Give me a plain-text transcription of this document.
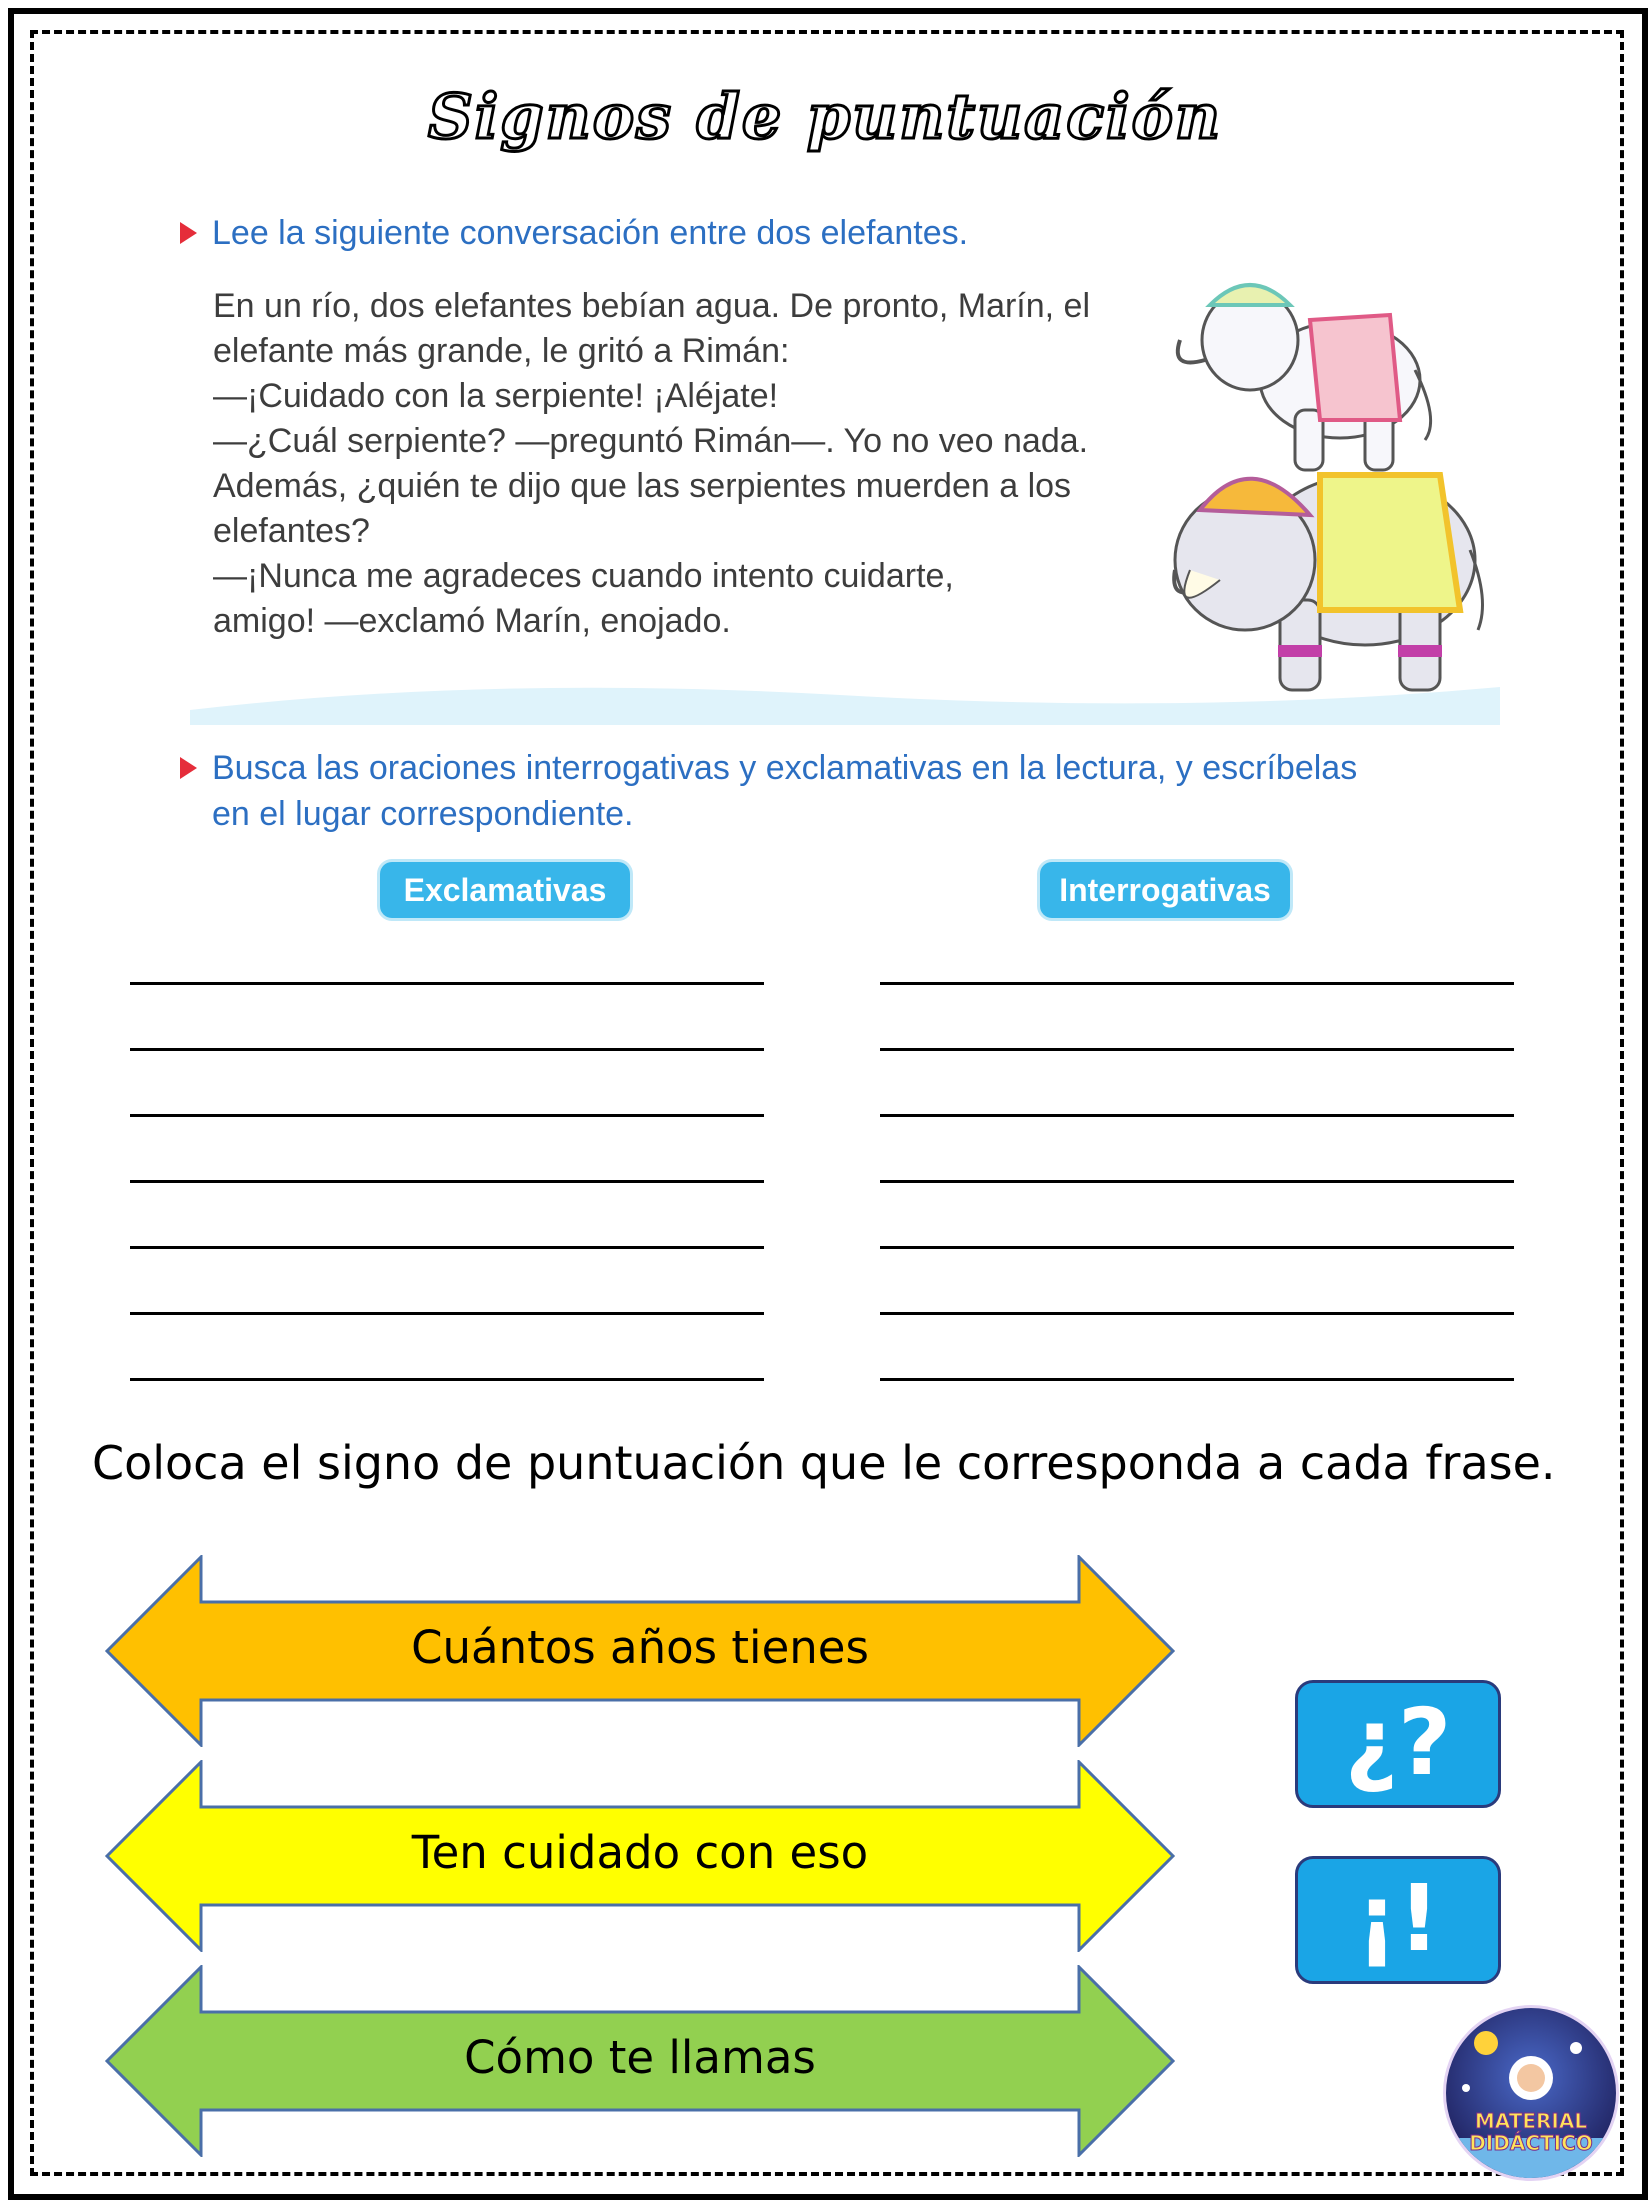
Signos de puntuación
Lee la siguiente conversación entre dos elefantes.

En un río, dos elefantes bebían agua. De pronto, Marín, el

elefante más grande, le gritó a Rimán:

—¡Cuidado con la serpiente! ¡Aléjate!

—¿Cuál serpiente? —preguntó Rimán—. Yo no veo nada.

Además, ¿quién te dijo que las serpientes muerden a los

elefantes?

—¡Nunca me agradeces cuando intento cuidarte,

amigo! —exclamó Marín, enojado.

Busca las oraciones interrogativas y exclamativas en la lectura, y escríbelas
en el lugar correspondiente.
Exclamativas	Interrogativas
Coloca el signo de puntuación que le corresponda a cada frase.
Cuántos años tienes
Ten cuidado con eso
Cómo te llamas
¿?
¡!
MATERIAL
DIDÁCTICO
